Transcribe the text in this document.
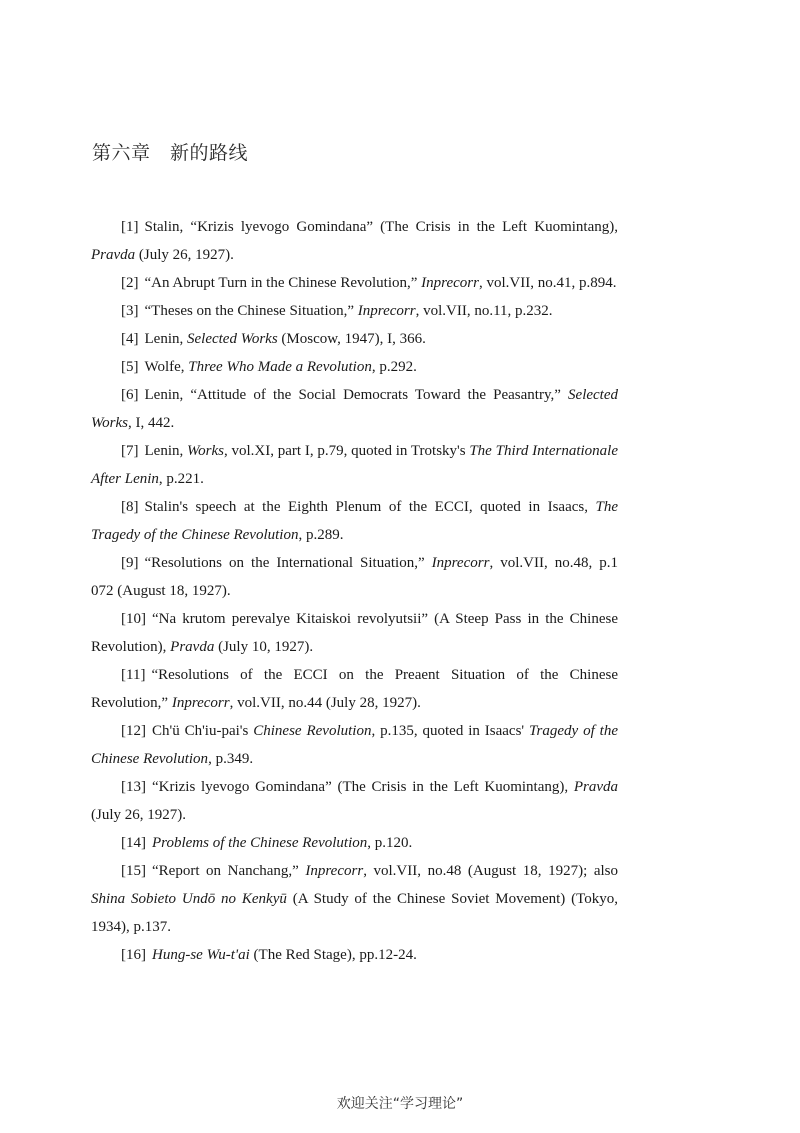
第六章　新的路线

[1] Stalin, “Krizis lyevogo Gomindana” (The Crisis in the Left Kuomintang), Pravda (July 26, 1927).

[2] “An Abrupt Turn in the Chinese Revolution,” Inprecorr, vol.VII, no.41, p.894.

[3] “Theses on the Chinese Situation,” Inprecorr, vol.VII, no.11, p.232.

[4] Lenin, Selected Works (Moscow, 1947), I, 366.

[5] Wolfe, Three Who Made a Revolution, p.292.

[6] Lenin, “Attitude of the Social Democrats Toward the Peasantry,” Selected Works, I, 442.

[7] Lenin, Works, vol.XI, part I, p.79, quoted in Trotsky's The Third Internationale After Lenin, p.221.

[8] Stalin's speech at the Eighth Plenum of the ECCI, quoted in Isaacs, The Tragedy of the Chinese Revolution, p.289.

[9] “Resolutions on the International Situation,” Inprecorr, vol.VII, no.48, p.1 072 (August 18, 1927).

[10] “Na krutom perevalye Kitaiskoi revolyutsii” (A Steep Pass in the Chinese Revolution), Pravda (July 10, 1927).

[11] “Resolutions of the ECCI on the Preaent Situation of the Chinese Revolution,” Inprecorr, vol.VII, no.44 (July 28, 1927).

[12] Ch'ü Ch'iu-pai's Chinese Revolution, p.135, quoted in Isaacs' Tragedy of the Chinese Revolution, p.349.

[13] “Krizis lyevogo Gomindana” (The Crisis in the Left Kuomintang), Pravda (July 26, 1927).

[14] Problems of the Chinese Revolution, p.120.

[15] “Report on Nanchang,” Inprecorr, vol.VII, no.48 (August 18, 1927); also Shina Sobieto Undō no Kenkyū (A Study of the Chinese Soviet Movement) (Tokyo, 1934), p.137.

[16] Hung-se Wu-t'ai (The Red Stage), pp.12-24.

欢迎关注“学习理论”
